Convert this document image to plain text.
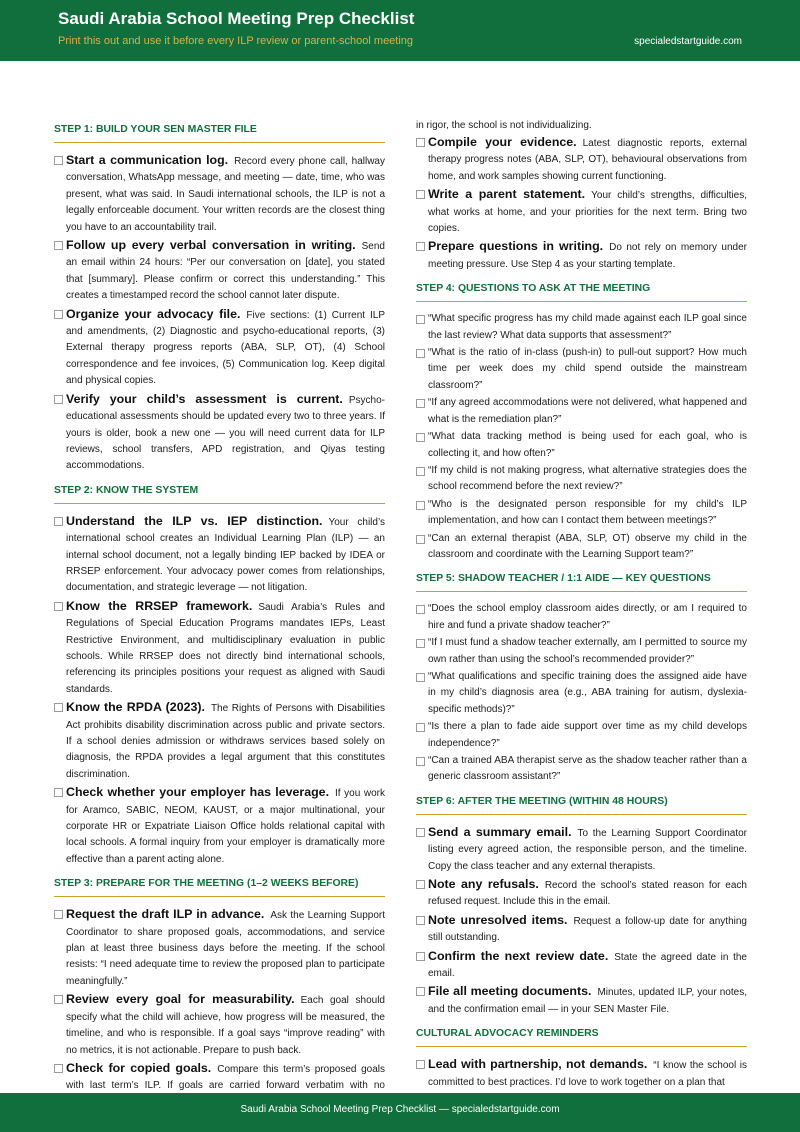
Saudi Arabia School Meeting Prep Checklist
Print this out and use it before every ILP review or parent-school meeting	specialedstartguide.com
STEP 1: BUILD YOUR SEN MASTER FILE
Start a communication log. Record every phone call, hallway conversation, WhatsApp message, and meeting — date, time, who was present, what was said. In Saudi international schools, the ILP is not a legally enforceable document. Your written records are the closest thing you have to an accountability trail.
Follow up every verbal conversation in writing. Send an email within 24 hours: “Per our conversation on [date], you stated that [summary]. Please confirm or correct this understanding.” This creates a timestamped record the school cannot later dispute.
Organize your advocacy file. Five sections: (1) Current ILP and amendments, (2) Diagnostic and psycho-educational reports, (3) External therapy progress reports (ABA, SLP, OT), (4) School correspondence and fee invoices, (5) Communication log. Keep digital and physical copies.
Verify your child’s assessment is current. Psycho-educational assessments should be updated every two to three years. If yours is older, book a new one — you will need current data for ILP reviews, school transfers, APD registration, and Qiyas testing accommodations.
STEP 2: KNOW THE SYSTEM
Understand the ILP vs. IEP distinction. Your child’s international school creates an Individual Learning Plan (ILP) — an internal school document, not a legally binding IEP backed by IDEA or RRSEP enforcement. Your advocacy power comes from relationships, documentation, and strategic leverage — not litigation.
Know the RRSEP framework. Saudi Arabia’s Rules and Regulations of Special Education Programs mandates IEPs, Least Restrictive Environment, and multidisciplinary evaluation in public schools. While RRSEP does not directly bind international schools, referencing its principles positions your request as aligned with Saudi standards.
Know the RPDA (2023). The Rights of Persons with Disabilities Act prohibits disability discrimination across public and private sectors. If a school denies admission or withdraws services based solely on diagnosis, the RPDA provides a legal argument that this constitutes discrimination.
Check whether your employer has leverage. If you work for Aramco, SABIC, NEOM, KAUST, or a major multinational, your corporate HR or Expatriate Liaison Office holds relational capital with local schools. A formal inquiry from your employer is dramatically more effective than a parent acting alone.
STEP 3: PREPARE FOR THE MEETING (1–2 WEEKS BEFORE)
Request the draft ILP in advance. Ask the Learning Support Coordinator to share proposed goals, accommodations, and service plan at least three business days before the meeting. If the school resists: “I need adequate time to review the proposed plan to participate meaningfully.”
Review every goal for measurability. Each goal should specify what the child will achieve, how progress will be measured, the timeline, and who is responsible. If a goal says “improve reading” with no metrics, it is not actionable. Prepare to push back.
Check for copied goals. Compare this term’s proposed goals with last term’s ILP. If goals are carried forward verbatim with no
in rigor, the school is not individualizing.
Compile your evidence. Latest diagnostic reports, external therapy progress notes (ABA, SLP, OT), behavioural observations from home, and work samples showing current functioning.
Write a parent statement. Your child’s strengths, difficulties, what works at home, and your priorities for the next term. Bring two copies.
Prepare questions in writing. Do not rely on memory under meeting pressure. Use Step 4 as your starting template.
STEP 4: QUESTIONS TO ASK AT THE MEETING
“What specific progress has my child made against each ILP goal since the last review? What data supports that assessment?”
“What is the ratio of in-class (push-in) to pull-out support? How much time per week does my child spend outside the mainstream classroom?”
“If any agreed accommodations were not delivered, what happened and what is the remediation plan?”
“What data tracking method is being used for each goal, who is collecting it, and how often?”
“If my child is not making progress, what alternative strategies does the school recommend before the next review?”
“Who is the designated person responsible for my child’s ILP implementation, and how can I contact them between meetings?”
“Can an external therapist (ABA, SLP, OT) observe my child in the classroom and coordinate with the Learning Support team?”
STEP 5: SHADOW TEACHER / 1:1 AIDE — KEY QUESTIONS
“Does the school employ classroom aides directly, or am I required to hire and fund a private shadow teacher?”
“If I must fund a shadow teacher externally, am I permitted to source my own rather than using the school’s recommended provider?”
“What qualifications and specific training does the assigned aide have in my child’s diagnosis area (e.g., ABA training for autism, dyslexia-specific methods)?”
“Is there a plan to fade aide support over time as my child develops independence?”
“Can a trained ABA therapist serve as the shadow teacher rather than a generic classroom assistant?”
STEP 6: AFTER THE MEETING (WITHIN 48 HOURS)
Send a summary email. To the Learning Support Coordinator listing every agreed action, the responsible person, and the timeline. Copy the class teacher and any external therapists.
Note any refusals. Record the school’s stated reason for each refused request. Include this in the email.
Note unresolved items. Request a follow-up date for anything still outstanding.
Confirm the next review date. State the agreed date in the email.
File all meeting documents. Minutes, updated ILP, your notes, and the confirmation email — in your SEN Master File.
CULTURAL ADVOCACY REMINDERS
Lead with partnership, not demands. “I know the school is committed to best practices. I’d love to work together on a plan that
Saudi Arabia School Meeting Prep Checklist — specialedstartguide.com
